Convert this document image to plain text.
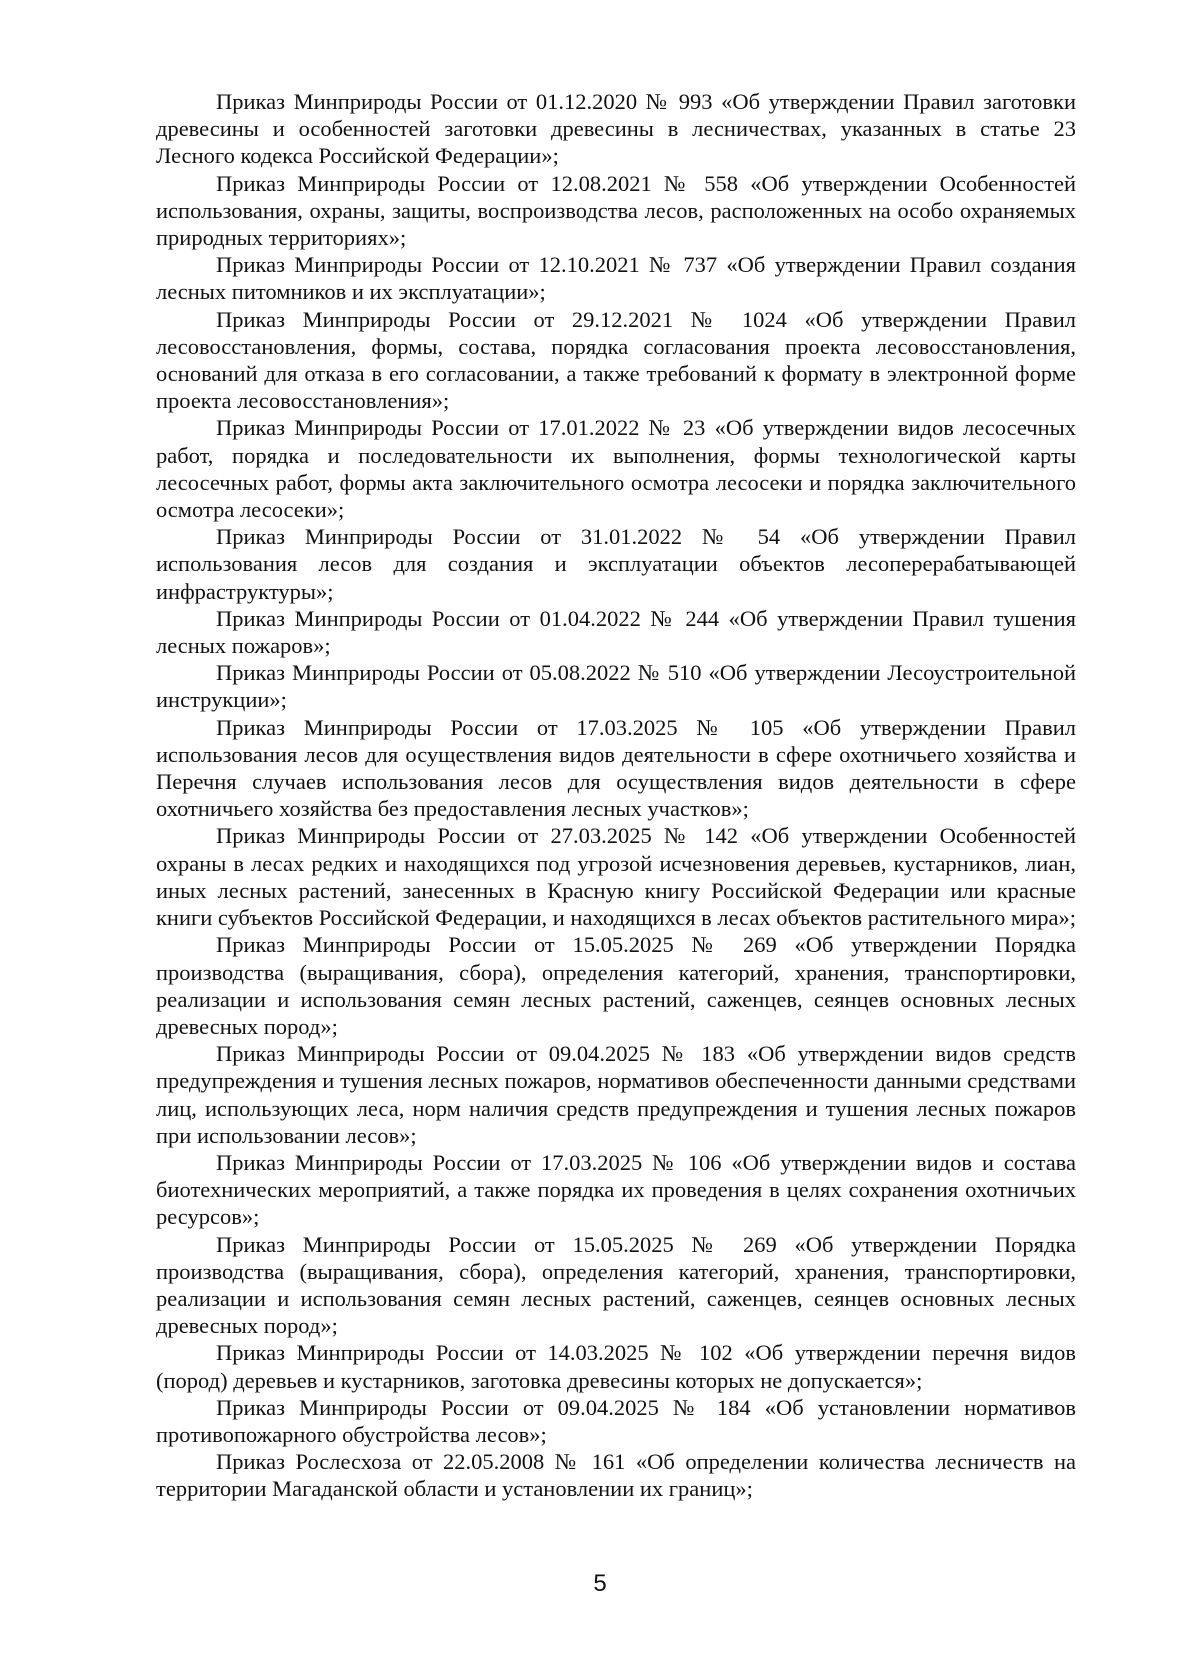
Приказ Минприроды России от 01.12.2020 № 993 «Об утверждении Правил заготовки древесины и особенностей заготовки древесины в лесничествах, указанных в статье 23 Лесного кодекса Российской Федерации»;

Приказ Минприроды России от 12.08.2021 № 558 «Об утверждении Особенностей использования, охраны, защиты, воспроизводства лесов, расположенных на особо охраняемых природных территориях»;

Приказ Минприроды России от 12.10.2021 № 737 «Об утверждении Правил создания лесных питомников и их эксплуатации»;

Приказ Минприроды России от 29.12.2021 № 1024 «Об утверждении Правил лесовосстановления, формы, состава, порядка согласования проекта лесовосстановления, оснований для отказа в его согласовании, а также требований к формату в электронной форме проекта лесовосстановления»;

Приказ Минприроды России от 17.01.2022 № 23 «Об утверждении видов лесосечных работ, порядка и последовательности их выполнения, формы технологической карты лесосечных работ, формы акта заключительного осмотра лесосеки и порядка заключительного осмотра лесосеки»;

Приказ Минприроды России от 31.01.2022 № 54 «Об утверждении Правил использования лесов для создания и эксплуатации объектов лесоперерабатывающей инфраструктуры»;

Приказ Минприроды России от 01.04.2022 № 244 «Об утверждении Правил тушения лесных пожаров»;

Приказ Минприроды России от 05.08.2022 № 510 «Об утверждении Лесоустроительной инструкции»;

Приказ Минприроды России от 17.03.2025 № 105 «Об утверждении Правил использования лесов для осуществления видов деятельности в сфере охотничьего хозяйства и Перечня случаев использования лесов для осуществления видов деятельности в сфере охотничьего хозяйства без предоставления лесных участков»;

Приказ Минприроды России от 27.03.2025 № 142 «Об утверждении Особенностей охраны в лесах редких и находящихся под угрозой исчезновения деревьев, кустарников, лиан, иных лесных растений, занесенных в Красную книгу Российской Федерации или красные книги субъектов Российской Федерации, и находящихся в лесах объектов растительного мира»;

Приказ Минприроды России от 15.05.2025 № 269 «Об утверждении Порядка производства (выращивания, сбора), определения категорий, хранения, транспортировки, реализации и использования семян лесных растений, саженцев, сеянцев основных лесных древесных пород»;

Приказ Минприроды России от 09.04.2025 № 183 «Об утверждении видов средств предупреждения и тушения лесных пожаров, нормативов обеспеченности данными средствами лиц, использующих леса, норм наличия средств предупреждения и тушения лесных пожаров при использовании лесов»;

Приказ Минприроды России от 17.03.2025 № 106 «Об утверждении видов и состава биотехнических мероприятий, а также порядка их проведения в целях сохранения охотничьих ресурсов»;

Приказ Минприроды России от 15.05.2025 № 269 «Об утверждении Порядка производства (выращивания, сбора), определения категорий, хранения, транспортировки, реализации и использования семян лесных растений, саженцев, сеянцев основных лесных древесных пород»;

Приказ Минприроды России от 14.03.2025 № 102 «Об утверждении перечня видов (пород) деревьев и кустарников, заготовка древесины которых не допускается»;

Приказ Минприроды России от 09.04.2025 № 184 «Об установлении нормативов противопожарного обустройства лесов»;

Приказ Рослесхоза от 22.05.2008 № 161 «Об определении количества лесничеств на территории Магаданской области и установлении их границ»;

5
